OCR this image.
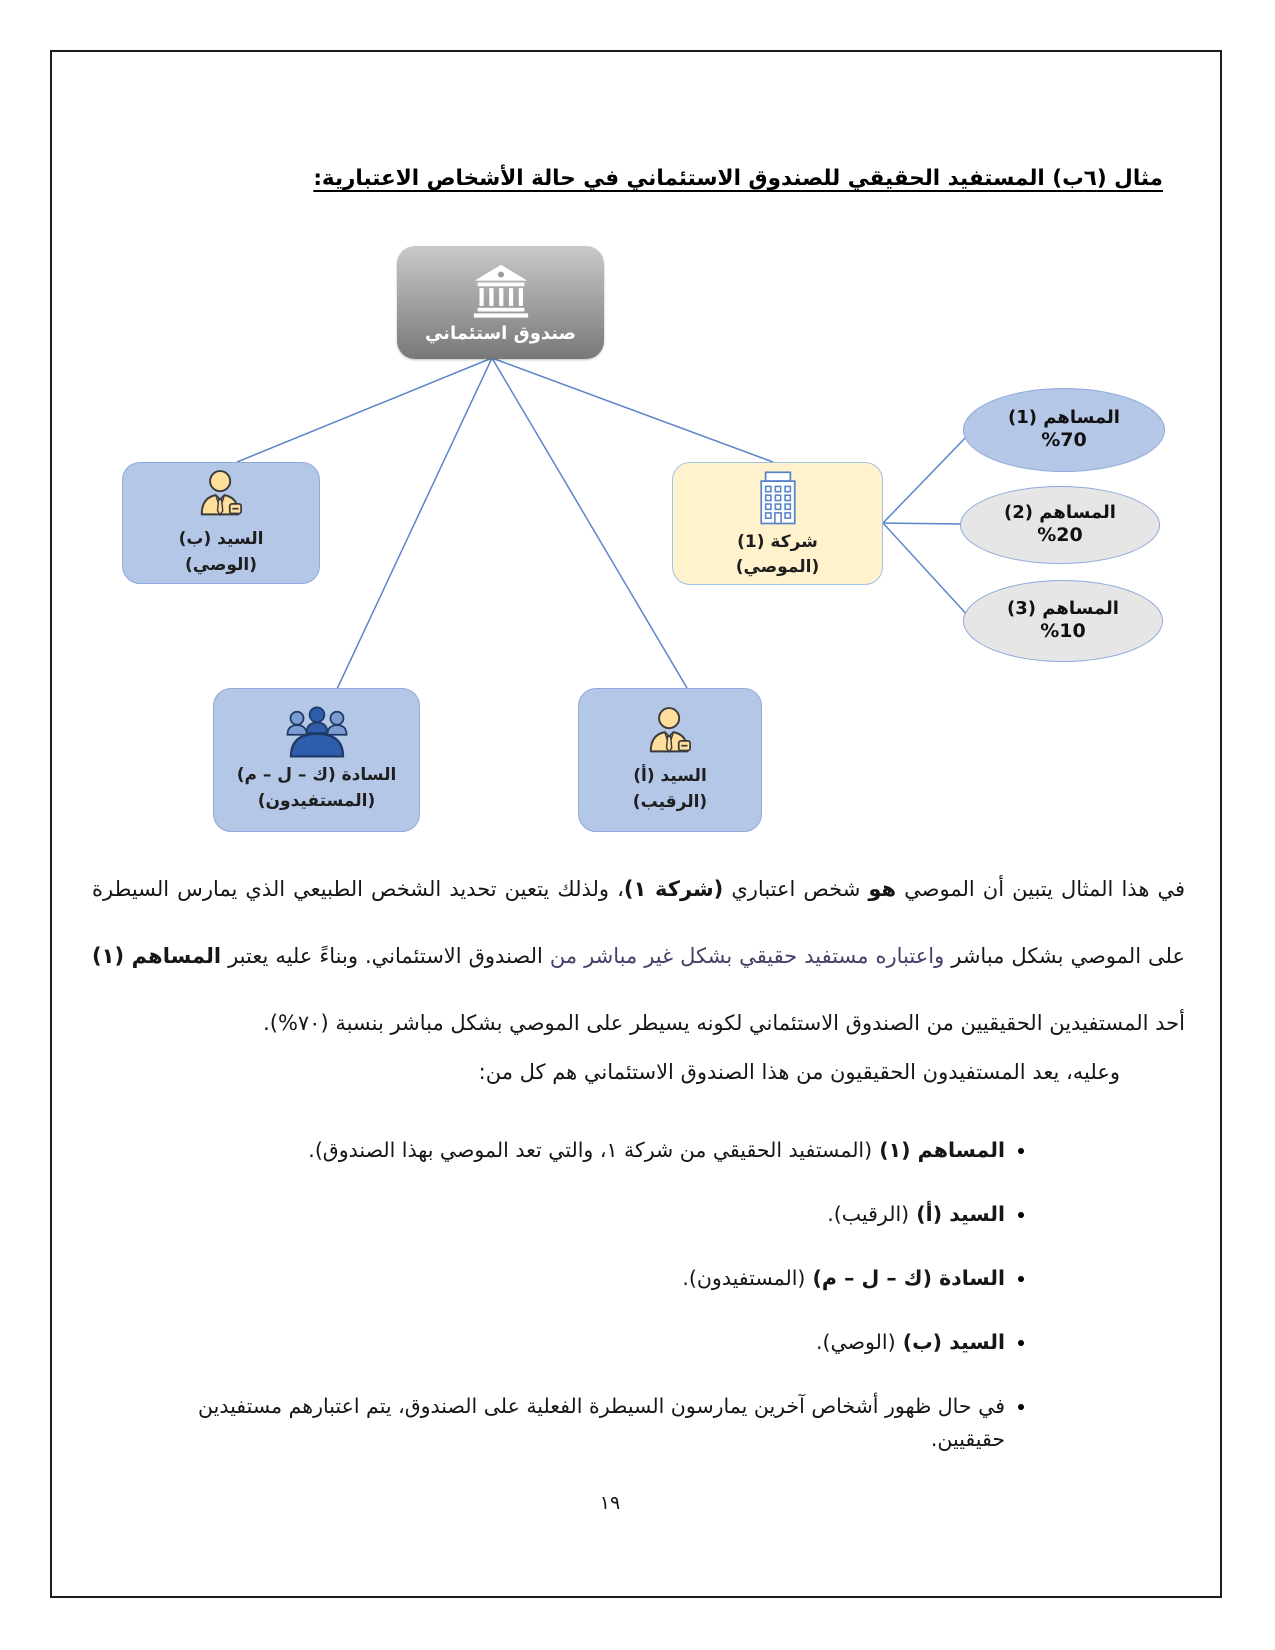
مثال (٦ب) المستفيد الحقيقي للصندوق الاستئماني في حالة الأشخاص الاعتبارية:
صندوق استئماني
السيد (ب)
(الوصي)
شركة (1)
(الموصي)
المساهم (1)
%70
المساهم (2)
%20
المساهم (3)
%10
السادة (ك – ل – م)
(المستفيدون)
السيد (أ)
(الرقيب)

في هذا المثال يتبين أن الموصي هو شخص اعتباري (شركة ١)، ولذلك يتعين تحديد الشخص الطبيعي الذي يمارس السيطرة على الموصي بشكل مباشر واعتباره مستفيد حقيقي بشكل غير مباشر من الصندوق الاستئماني. وبناءً عليه يعتبر المساهم (١) أحد المستفيدين الحقيقيين من الصندوق الاستئماني لكونه يسيطر على الموصي بشكل مباشر بنسبة (٧٠%).

وعليه، يعد المستفيدون الحقيقيون من هذا الصندوق الاستئماني هم كل من:

• المساهم (١) (المستفيد الحقيقي من شركة ١، والتي تعد الموصي بهذا الصندوق).
• السيد (أ) (الرقيب).
• السادة (ك – ل – م) (المستفيدون).
• السيد (ب) (الوصي).
• في حال ظهور أشخاص آخرين يمارسون السيطرة الفعلية على الصندوق، يتم اعتبارهم مستفيدين حقيقيين.
١٩
